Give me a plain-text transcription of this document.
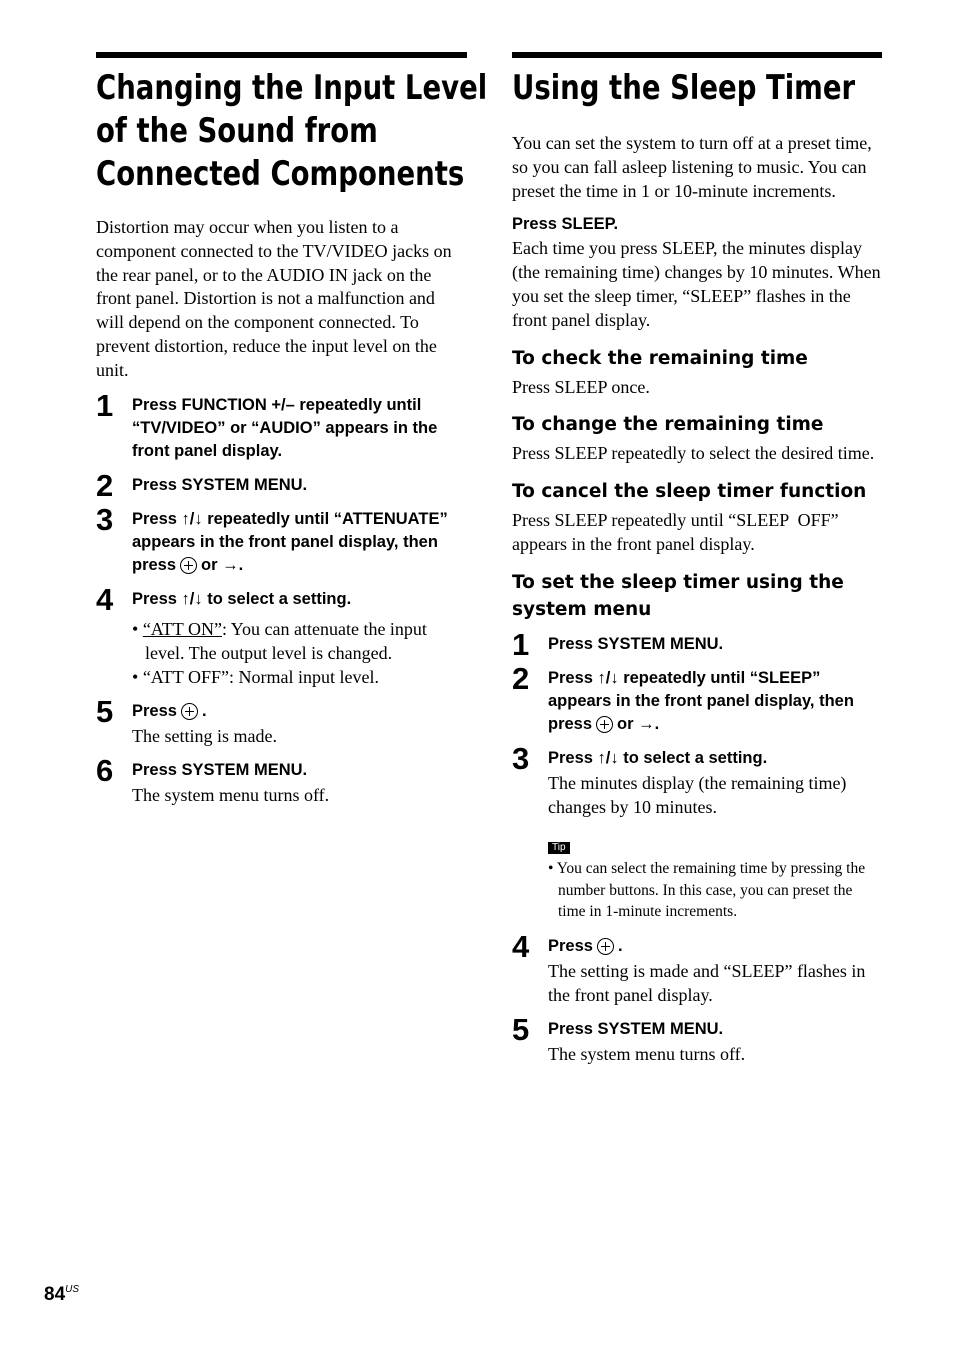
Changing the Input Level
of the Sound from
Connected Components

Distortion may occur when you listen to a component connected to the TV/VIDEO jacks on the rear panel, or to the AUDIO IN jack on the front panel. Distortion is not a malfunction and will depend on the component connected. To prevent distortion, reduce the input level on the unit.

1 Press FUNCTION +/– repeatedly until “TV/VIDEO” or “AUDIO” appears in the front panel display.

2 Press SYSTEM MENU.

3 Press ↑/↓ repeatedly until “ATTENUATE” appears in the front panel display, then press or →.

4 Press ↑/↓ to select a setting.

• “ATT ON”: You can attenuate the input level. The output level is changed.

• “ATT OFF”: Normal input level.

5 Press .

The setting is made.

6 Press SYSTEM MENU.

The system menu turns off.

Using the Sleep Timer

You can set the system to turn off at a preset time, so you can fall asleep listening to music. You can preset the time in 1 or 10-minute increments.

Press SLEEP.

Each time you press SLEEP, the minutes display (the remaining time) changes by 10 minutes. When you set the sleep timer, “SLEEP” flashes in the front panel display.

To check the remaining time

Press SLEEP once.

To change the remaining time

Press SLEEP repeatedly to select the desired time.

To cancel the sleep timer function

Press SLEEP repeatedly until “SLEEP  OFF” appears in the front panel display.

To set the sleep timer using the system menu
1 Press SYSTEM MENU.

2 Press ↑/↓ repeatedly until “SLEEP” appears in the front panel display, then press or →.

3 Press ↑/↓ to select a setting.

The minutes display (the remaining time) changes by 10 minutes.

Tip

• You can select the remaining time by pressing the number buttons. In this case, you can preset the time in 1-minute increments.

4 Press .

The setting is made and “SLEEP” flashes in the front panel display.

5 Press SYSTEM MENU.

The system menu turns off.

$84^{US}$
